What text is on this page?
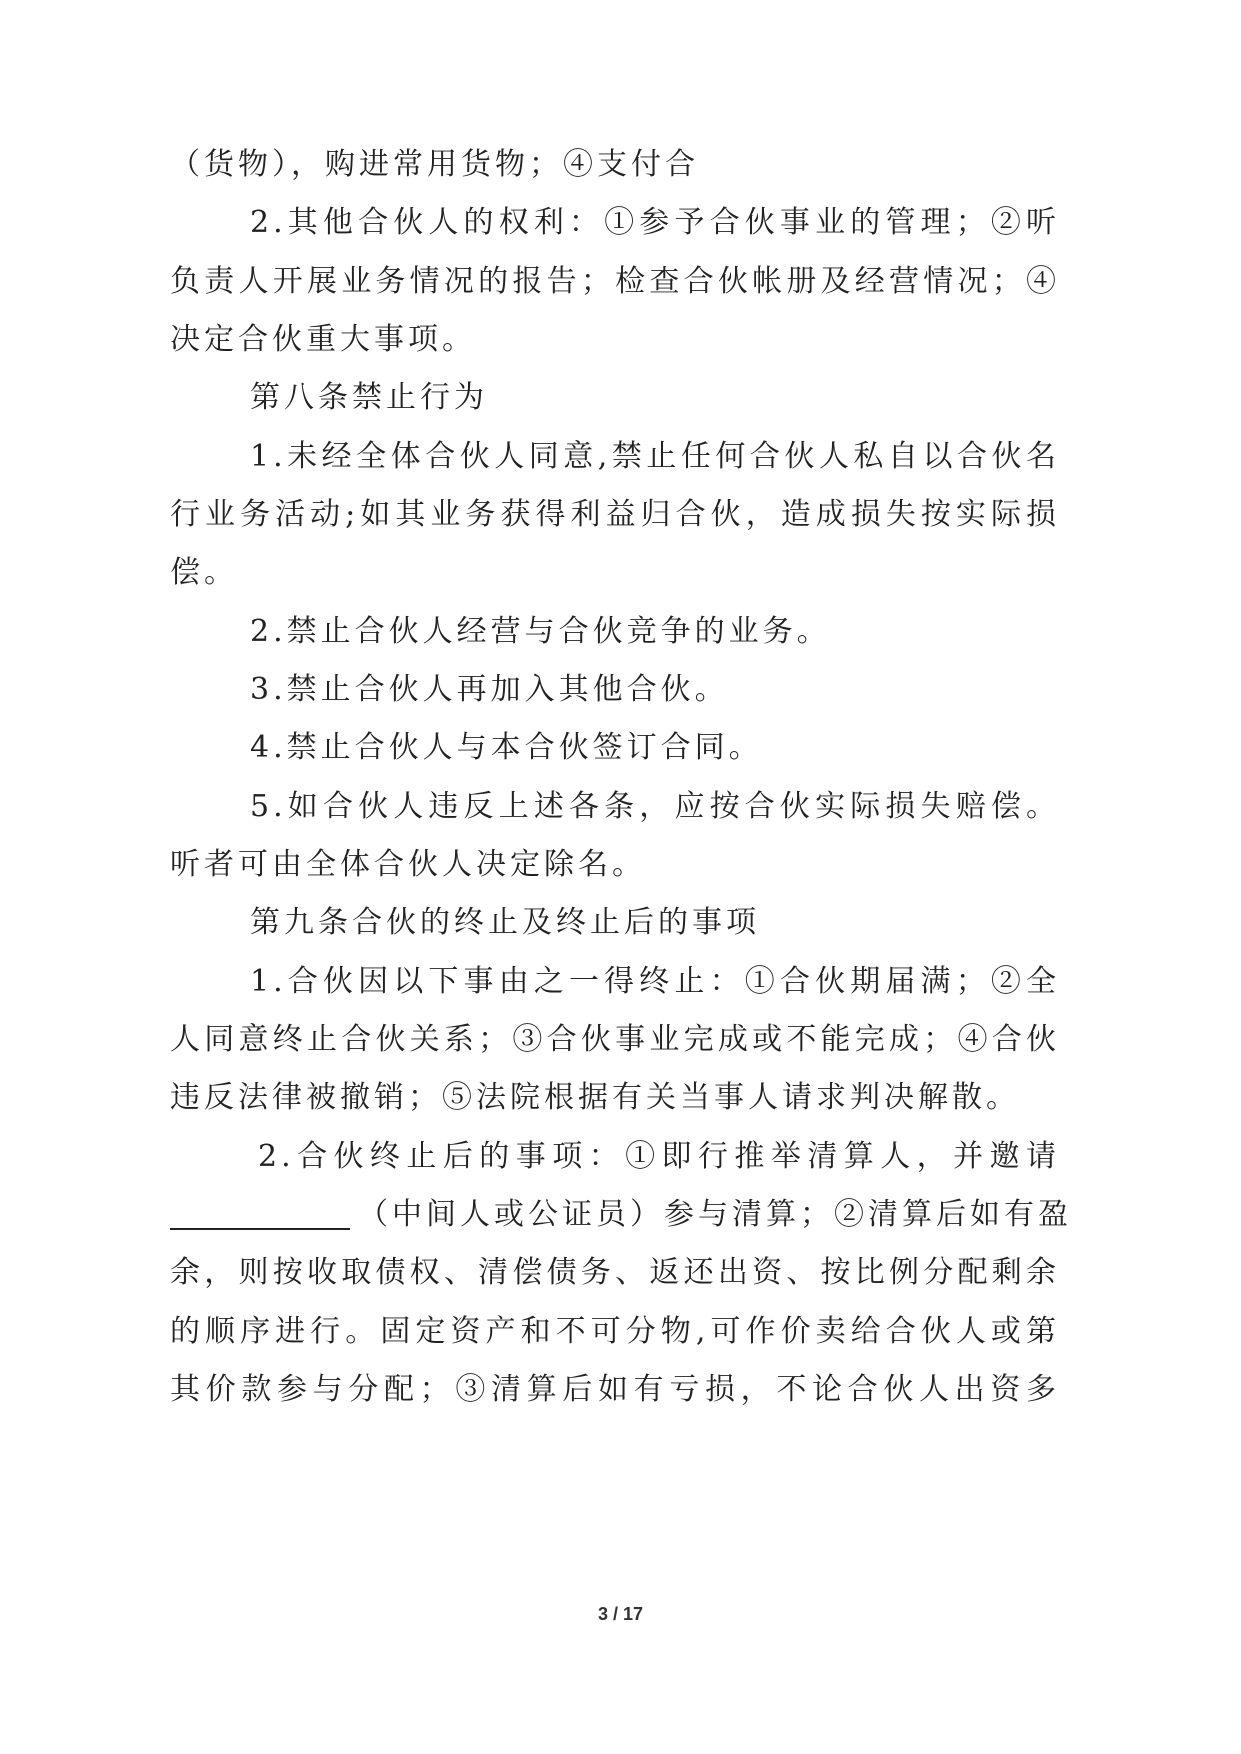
（货物），购进常用货物；④支付合
2.其他合伙人的权利：①参予合伙事业的管理；②听
负责人开展业务情况的报告；检查合伙帐册及经营情况；④
决定合伙重大事项。
第八条禁止行为
1.未经全体合伙人同意,禁止任何合伙人私自以合伙名
行业务活动;如其业务获得利益归合伙，造成损失按实际损
偿。
2.禁止合伙人经营与合伙竞争的业务。
3.禁止合伙人再加入其他合伙。
4.禁止合伙人与本合伙签订合同。
5.如合伙人违反上述各条，应按合伙实际损失赔偿。
听者可由全体合伙人决定除名。
第九条合伙的终止及终止后的事项
1.合伙因以下事由之一得终止：①合伙期届满；②全
人同意终止合伙关系；③合伙事业完成或不能完成；④合伙
违反法律被撤销；⑤法院根据有关当事人请求判决解散。
2.合伙终止后的事项：①即行推举清算人，并邀请
（中间人或公证员）参与清算；②清算后如有盈
余，则按收取债权、清偿债务、返还出资、按比例分配剩余
的顺序进行。固定资产和不可分物,可作价卖给合伙人或第
其价款参与分配；③清算后如有亏损，不论合伙人出资多
3 / 17
